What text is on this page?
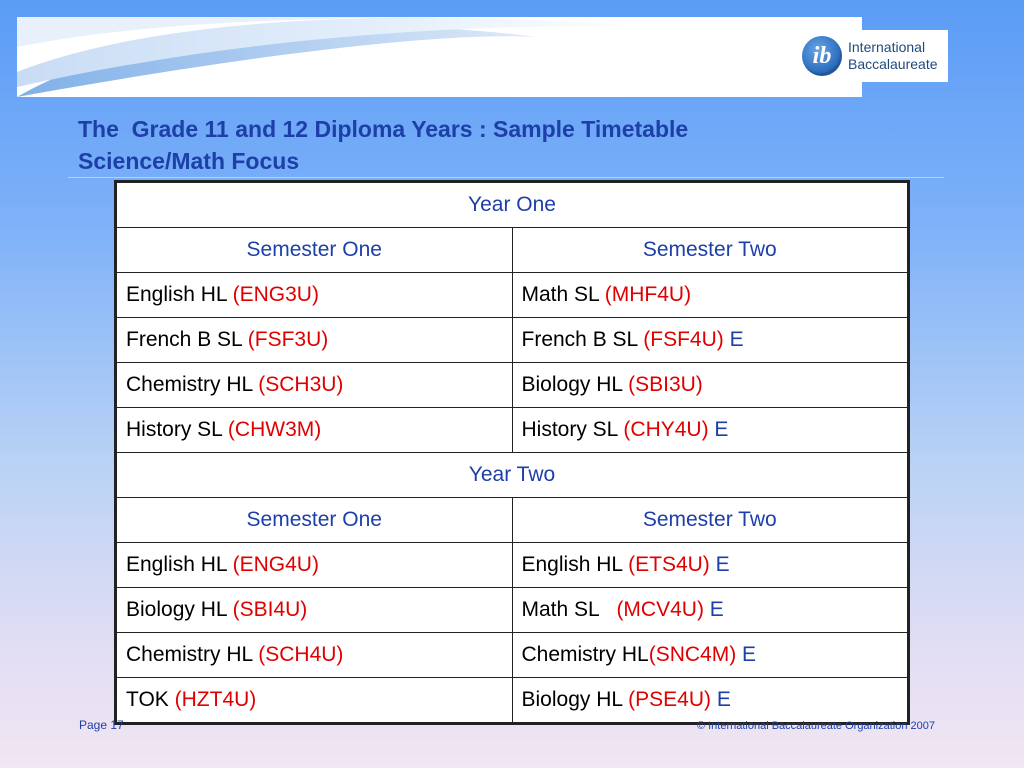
ib	International
Baccalaureate
The  Grade 11 and 12 Diploma Years : Sample Timetable
Science/Math Focus
Year One	
Semester One	Semester Two
English HL (ENG3U)	Math SL (MHF4U)
French B SL (FSF3U)	French B SL (FSF4U) E
Chemistry HL (SCH3U)	Biology HL (SBI3U)
History SL (CHW3M)	History SL (CHY4U) E
Year Two	
Semester One	Semester Two
English HL (ENG4U)	English HL (ETS4U) E
Biology HL (SBI4U)	Math SL   (MCV4U) E
Chemistry HL (SCH4U)	Chemistry HL(SNC4M) E
TOK (HZT4U)	Biology HL (PSE4U) E
Page 17	© International Baccalaureate Organization 2007
